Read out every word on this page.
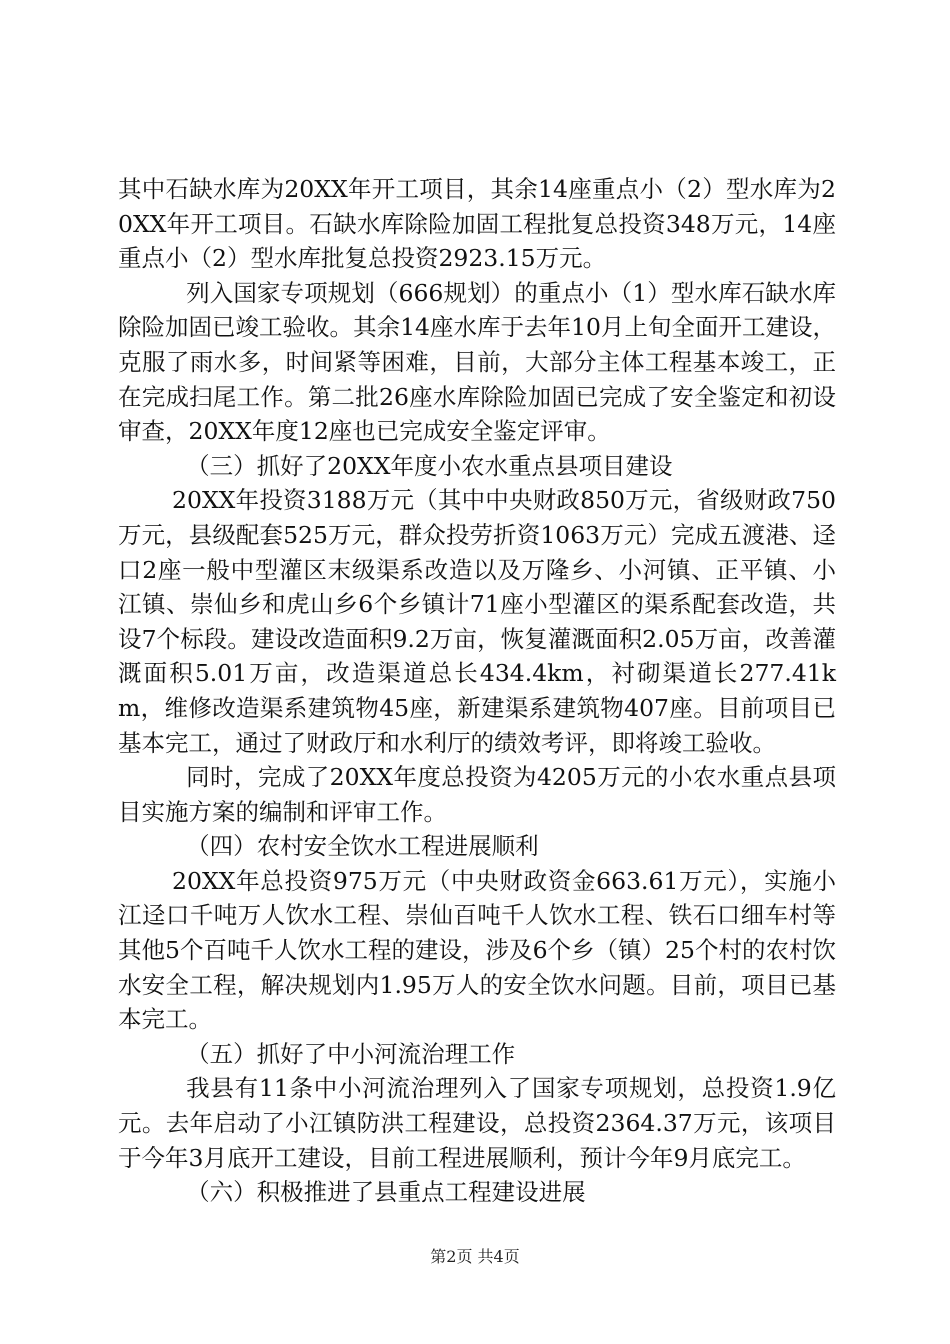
其中石缺水库为20XX年开工项目，其余14座重点小（2）型水库为20XX年开工项目。石缺水库除险加固工程批复总投资348万元，14座重点小（2）型水库批复总投资2923.15万元。

列入国家专项规划（666规划）的重点小（1）型水库石缺水库除险加固已竣工验收。其余14座水库于去年10月上旬全面开工建设，克服了雨水多，时间紧等困难，目前，大部分主体工程基本竣工，正在完成扫尾工作。第二批26座水库除险加固已完成了安全鉴定和初设审查，20XX年度12座也已完成安全鉴定评审。

（三）抓好了20XX年度小农水重点县项目建设

20XX年投资3188万元（其中中央财政850万元，省级财政750万元，县级配套525万元，群众投劳折资1063万元）完成五渡港、迳口2座一般中型灌区末级渠系改造以及万隆乡、小河镇、正平镇、小江镇、崇仙乡和虎山乡6个乡镇计71座小型灌区的渠系配套改造，共设7个标段。建设改造面积9.2万亩，恢复灌溉面积2.05万亩，改善灌溉面积5.01万亩，改造渠道总长434.4km，衬砌渠道长277.41km，维修改造渠系建筑物45座，新建渠系建筑物407座。目前项目已基本完工，通过了财政厅和水利厅的绩效考评，即将竣工验收。

同时，完成了20XX年度总投资为4205万元的小农水重点县项目实施方案的编制和评审工作。

（四）农村安全饮水工程进展顺利

20XX年总投资975万元（中央财政资金663.61万元），实施小江迳口千吨万人饮水工程、崇仙百吨千人饮水工程、铁石口细车村等其他5个百吨千人饮水工程的建设，涉及6个乡（镇）25个村的农村饮水安全工程，解决规划内1.95万人的安全饮水问题。目前，项目已基本完工。

（五）抓好了中小河流治理工作

我县有11条中小河流治理列入了国家专项规划，总投资1.9亿元。去年启动了小江镇防洪工程建设，总投资2364.37万元，该项目于今年3月底开工建设，目前工程进展顺利，预计今年9月底完工。

（六）积极推进了县重点工程建设进展

第2页 共4页
